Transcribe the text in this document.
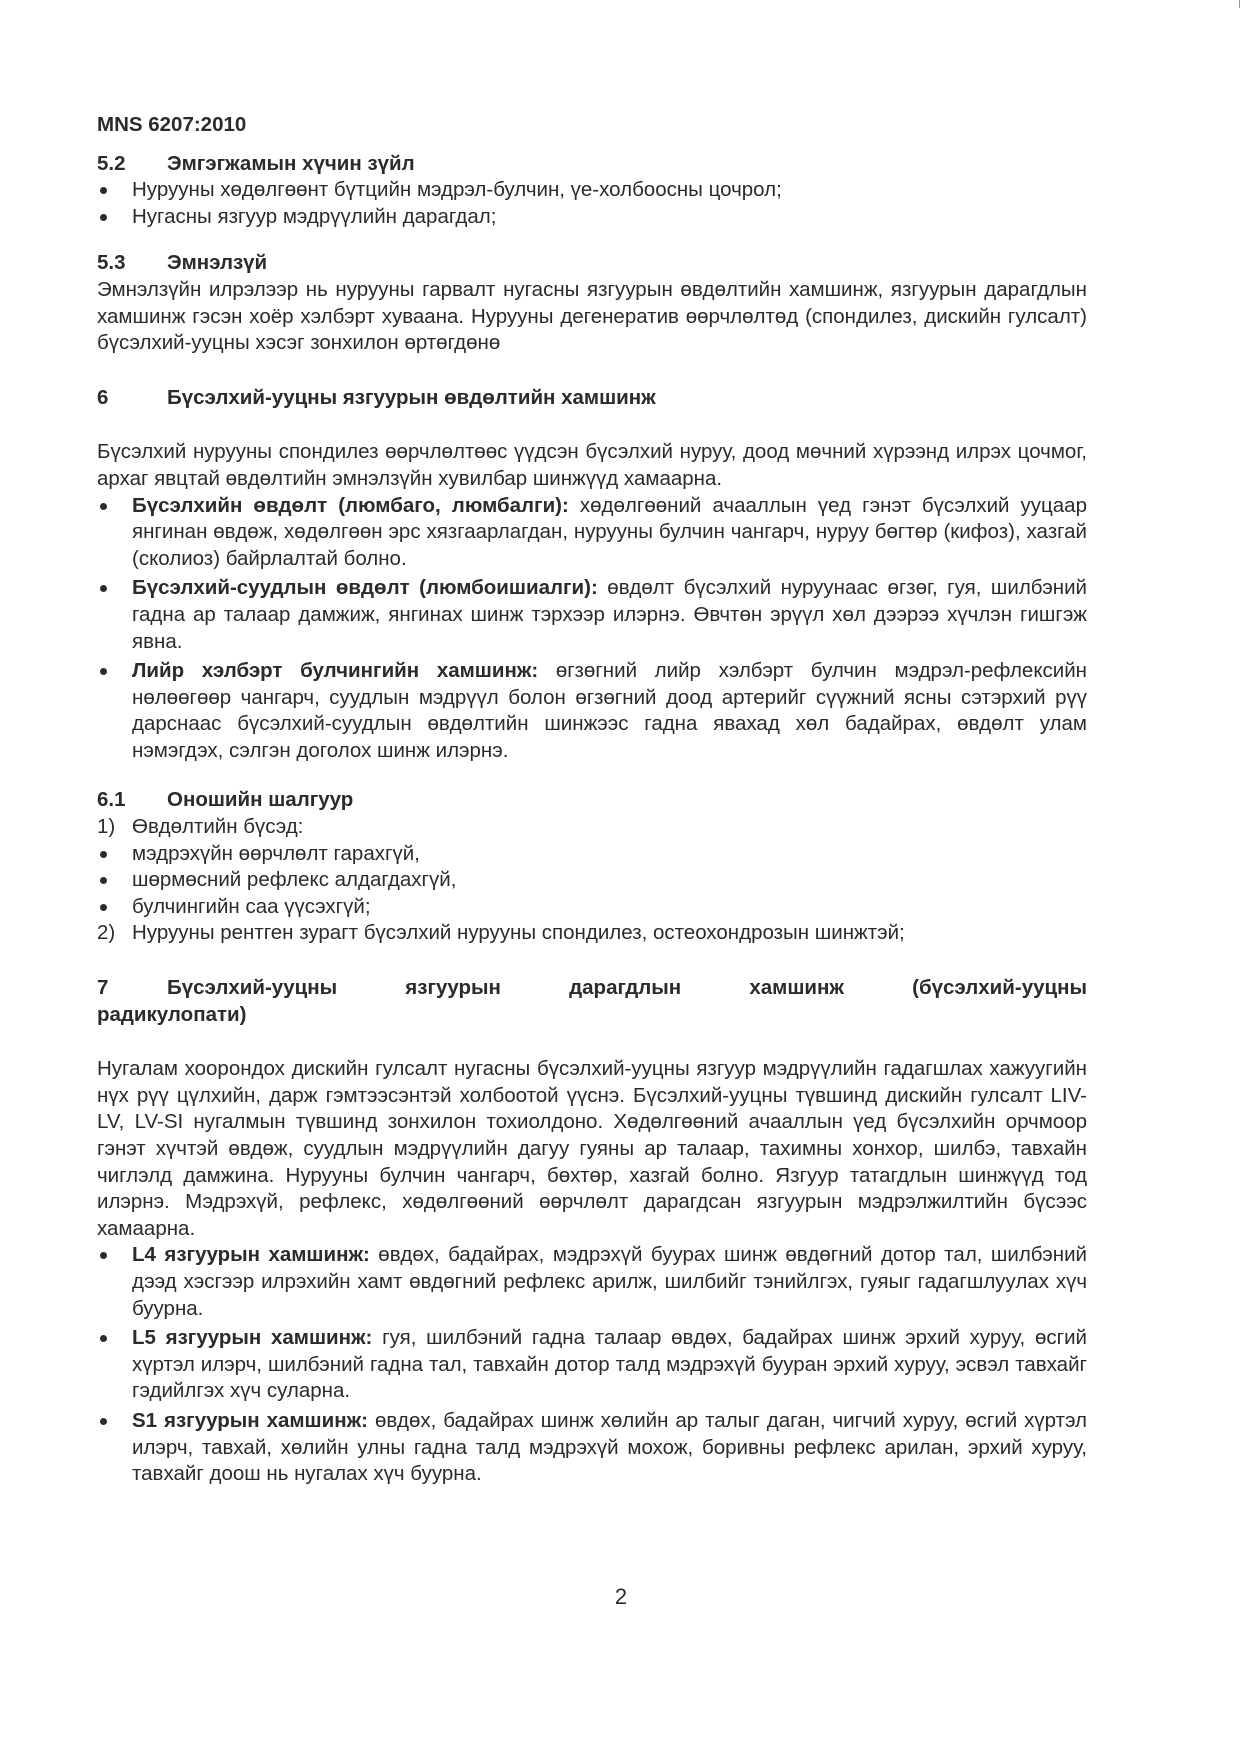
MNS 6207:2010
5.2	Эмгэгжамын хүчин зүйл
Нурууны хөдөлгөөнт бүтцийн мэдрэл-булчин, үе-холбоосны цочрол;
Нугасны язгуур мэдрүүлийн дарагдал;
5.3	Эмнэлзүй

Эмнэлзүйн илрэлээр нь нурууны гарвалт нугасны язгуурын өвдөлтийн хамшинж, язгуурын дарагдлын хамшинж гэсэн хоёр хэлбэрт хуваана. Нурууны дегенератив өөрчлөлтөд (спондилез, дискийн гулсалт) бүсэлхий-ууцны хэсэг зонхилон өртөгдөнө

6	Бүсэлхий-ууцны язгуурын өвдөлтийн хамшинж

Бүсэлхий нурууны спондилез өөрчлөлтөөс үүдсэн бүсэлхий нуруу, доод мөчний хүрээнд илрэх цочмог, архаг явцтай өвдөлтийн эмнэлзүйн хувилбар шинжүүд хамаарна.

Бүсэлхийн өвдөлт (люмбаго, люмбалги): хөдөлгөөний ачааллын үед гэнэт бүсэлхий ууцаар янгинан өвдөж, хөдөлгөөн эрс хязгаарлагдан, нурууны булчин чангарч, нуруу бөгтөр (кифоз), хазгай (сколиоз) байрлалтай болно.
Бүсэлхий-суудлын өвдөлт (люмбоишиалги): өвдөлт бүсэлхий нуруунаас өгзөг, гуя, шилбэний гадна ар талаар дамжиж, янгинах шинж тэрхээр илэрнэ. Өвчтөн эрүүл хөл дээрээ хүчлэн гишгэж явна.
Лийр хэлбэрт булчингийн хамшинж: өгзөгний лийр хэлбэрт булчин мэдрэл-рефлексийн нөлөөгөөр чангарч, суудлын мэдрүүл болон өгзөгний доод артерийг сүүжний ясны сэтэрхий рүү дарснаас бүсэлхий-суудлын өвдөлтийн шинжээс гадна явахад хөл бадайрах, өвдөлт улам нэмэгдэх, сэлгэн доголох шинж илэрнэ.
6.1	Оношийн шалгуур
1) Өвдөлтийн бүсэд:
мэдрэхүйн өөрчлөлт гарахгүй,
шөрмөсний рефлекс алдагдахгүй,
булчингийн саа үүсэхгүй;
2) Нурууны рентген зурагт бүсэлхий нурууны спондилез, остеохондрозын шинжтэй;
7	Бүсэлхий-ууцны язгуурын дарагдлын хамшинж (бүсэлхий-ууцны
радикулопати)

Нугалам хоорондох дискийн гулсалт нугасны бүсэлхий-ууцны язгуур мэдрүүлийн гадагшлах хажуугийн нүх рүү цүлхийн, дарж гэмтээсэнтэй холбоотой үүснэ. Бүсэлхий-ууцны түвшинд дискийн гулсалт LIV-LV, LV-SI нугалмын түвшинд зонхилон тохиолдоно. Хөдөлгөөний ачааллын үед бүсэлхийн орчмоор гэнэт хүчтэй өвдөж, суудлын мэдрүүлийн дагуу гуяны ар талаар, тахимны хонхор, шилбэ, тавхайн чиглэлд дамжина. Нурууны булчин чангарч, бөхтөр, хазгай болно. Язгуур татагдлын шинжүүд тод илэрнэ. Мэдрэхүй, рефлекс, хөдөлгөөний өөрчлөлт дарагдсан язгуурын мэдрэлжилтийн бүсээс хамаарна.

L4 язгуурын хамшинж: өвдөх, бадайрах, мэдрэхүй буурах шинж өвдөгний дотор тал, шилбэний дээд хэсгээр илрэхийн хамт өвдөгний рефлекс арилж, шилбийг тэнийлгэх, гуяыг гадагшлуулах хүч буурна.
L5 язгуурын хамшинж: гуя, шилбэний гадна талаар өвдөх, бадайрах шинж эрхий хуруу, өсгий хүртэл илэрч, шилбэний гадна тал, тавхайн дотор талд мэдрэхүй бууран эрхий хуруу, эсвэл тавхайг гэдийлгэх хүч суларна.
S1 язгуурын хамшинж: өвдөх, бадайрах шинж хөлийн ар талыг даган, чигчий хуруу, өсгий хүртэл илэрч, тавхай, хөлийн улны гадна талд мэдрэхүй мохож, боривны рефлекс арилан, эрхий хуруу, тавхайг доош нь нугалах хүч буурна.
2
